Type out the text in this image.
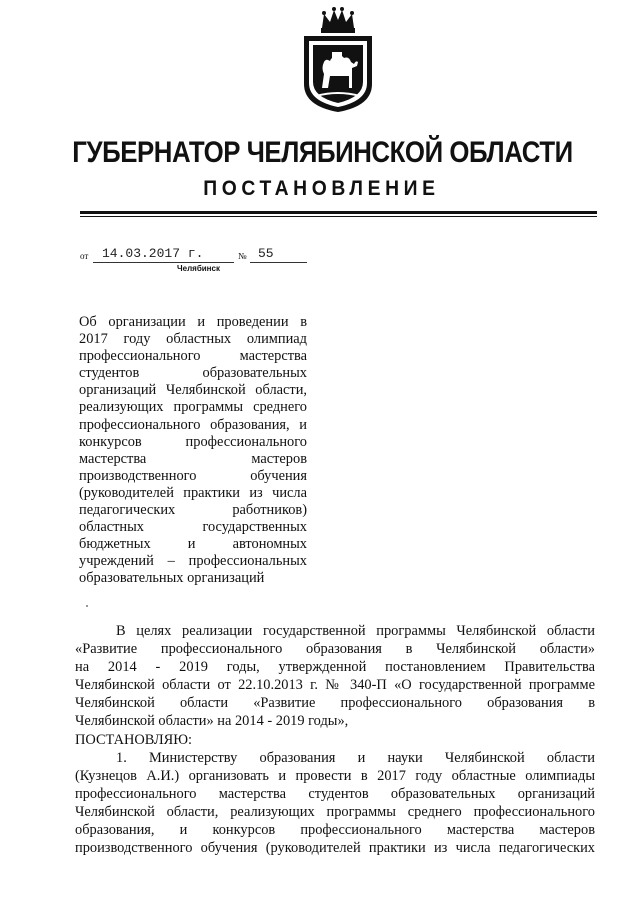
ГУБЕРНАТОР ЧЕЛЯБИНСКОЙ ОБЛАСТИ
ПОСТАНОВЛЕНИЕ
от 14.03.2017 г.	№ 55
Челябинск
Об организации и проведении в
2017 году областных олимпиад
профессионального мастерства
студентов образовательных
организаций Челябинской области,
реализующих программы среднего
профессионального образования, и
конкурсов профессионального
мастерства мастеров
производственного обучения
(руководителей практики из числа
педагогических работников)
областных государственных
бюджетных и автономных
учреждений – профессиональных
образовательных организаций
В целях реализации государственной программы Челябинской области
«Развитие профессионального образования в Челябинской области»
на 2014 - 2019 годы, утвержденной постановлением Правительства
Челябинской области от 22.10.2013 г. № 340-П «О государственной программе
Челябинской области «Развитие профессионального образования в
Челябинской области» на 2014 - 2019 годы»,
ПОСТАНОВЛЯЮ:
1. Министерству образования и науки Челябинской области
(Кузнецов А.И.) организовать и провести в 2017 году областные олимпиады
профессионального мастерства студентов образовательных организаций
Челябинской области, реализующих программы среднего профессионального
образования, и конкурсов профессионального мастерства мастеров
производственного обучения (руководителей практики из числа педагогических
